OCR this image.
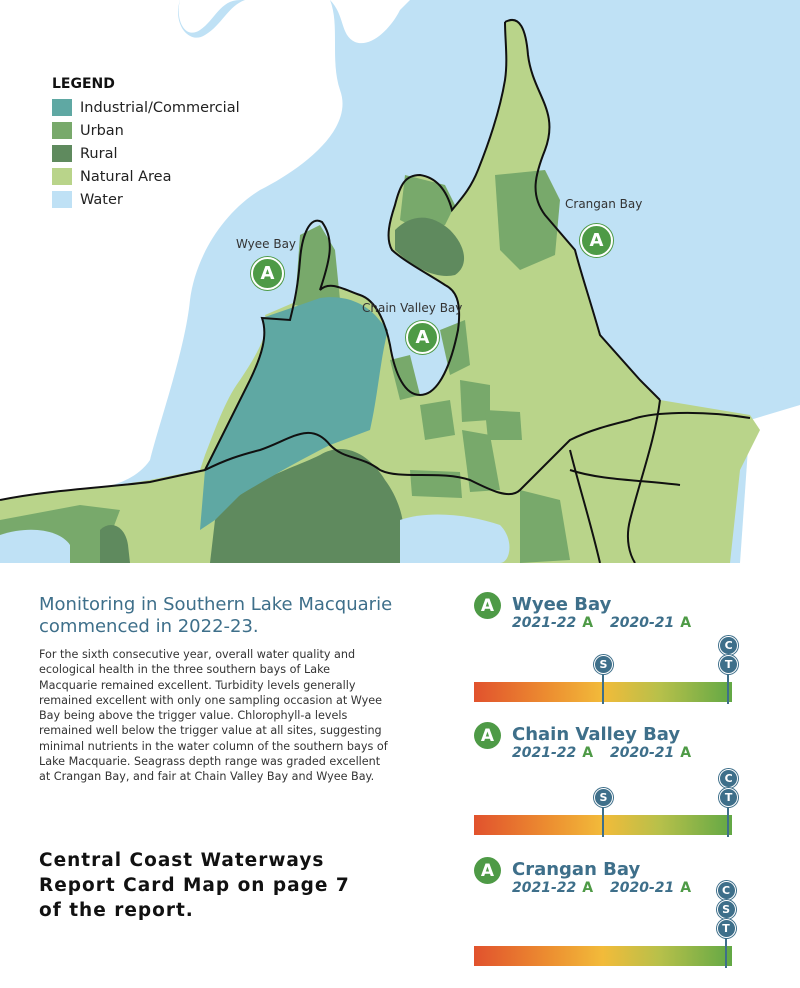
LEGEND
Industrial/Commercial
Urban
Rural
Natural Area
Water
Wyee Bay
A
Chain Valley Bay
A
Crangan Bay
A
Monitoring in Southern Lake Macquarie commenced in 2022-23.
For the sixth consecutive year, overall water quality and ecological health in the three southern bays of Lake Macquarie remained excellent. Turbidity levels generally remained excellent with only one sampling occasion at Wyee Bay being above the trigger value. Chlorophyll-a levels remained well below the trigger value at all sites, suggesting minimal nutrients in the water column of the southern bays of Lake Macquarie. Seagrass depth range was graded excellent at Crangan Bay, and fair at Chain Valley Bay and Wyee Bay.
Central Coast Waterways Report Card Map on page 7 of the report.
A Wyee Bay
2021-22 A 2020-21 A
S
C
T
A Chain Valley Bay
2021-22 A 2020-21 A
S
C
T
A Crangan Bay
2021-22 A 2020-21 A	C
S
T
